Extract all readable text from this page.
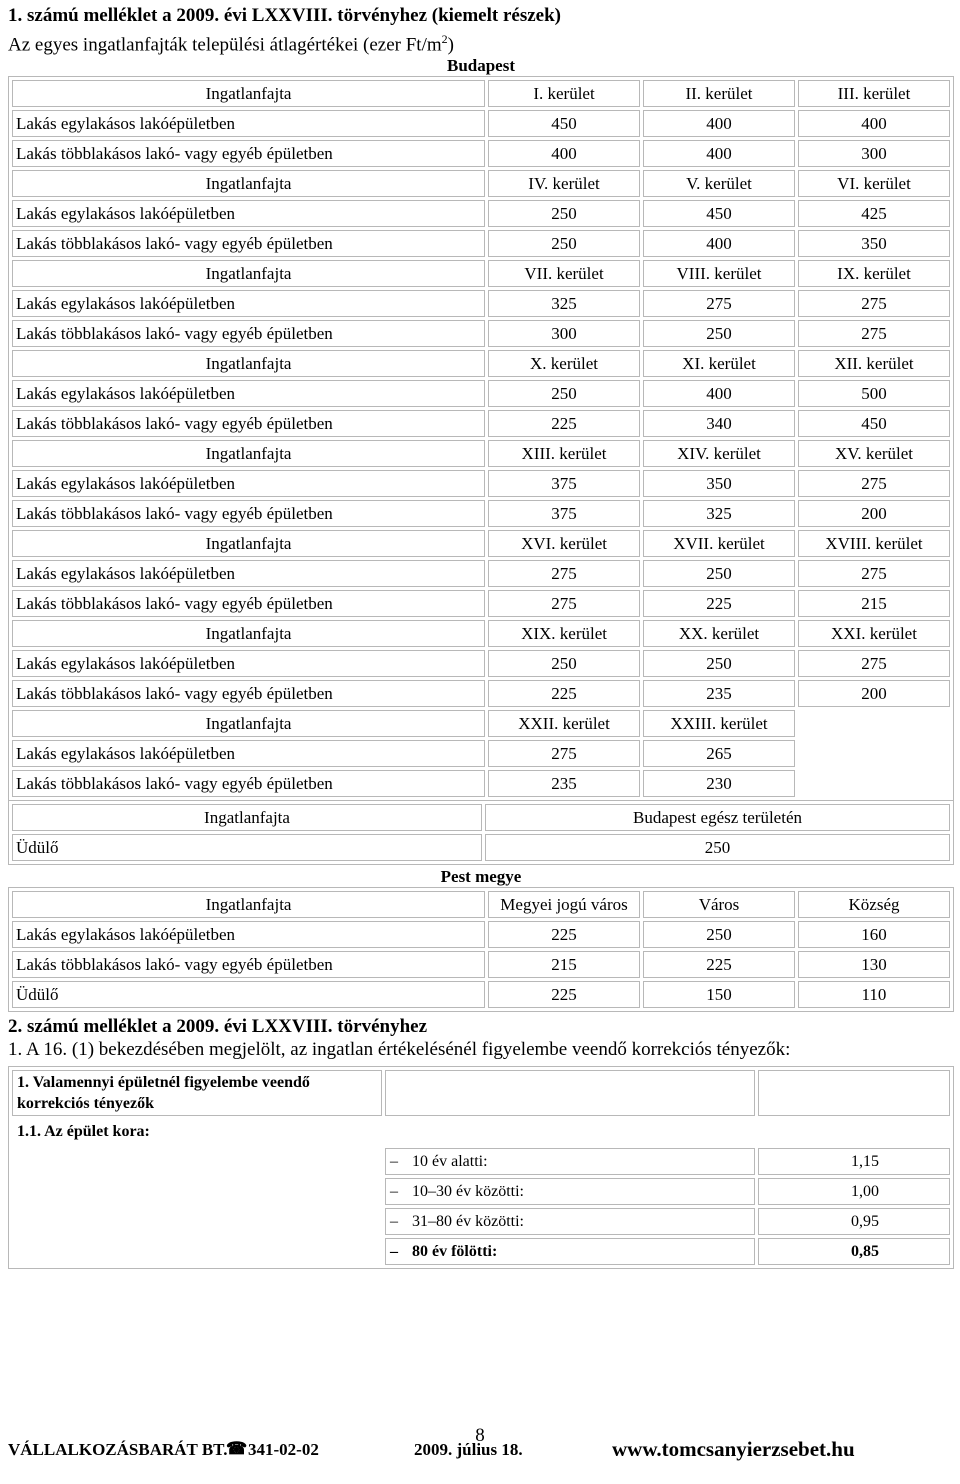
1. számú melléklet a 2009. évi LXXVIII. törvényhez (kiemelt részek)
Az egyes ingatlanfajták települési átlagértékei (ezer $Ft/m^2$)
Budapest
Ingatlanfajta	I. kerület	II. kerület	III. kerület
Lakás egylakásos lakóépületben	450	400	400
Lakás többlakásos lakó- vagy egyéb épületben	400	400	300
Ingatlanfajta	IV. kerület	V. kerület	VI. kerület
Lakás egylakásos lakóépületben	250	450	425
Lakás többlakásos lakó- vagy egyéb épületben	250	400	350
Ingatlanfajta	VII. kerület	VIII. kerület	IX. kerület
Lakás egylakásos lakóépületben	325	275	275
Lakás többlakásos lakó- vagy egyéb épületben	300	250	275
Ingatlanfajta	X. kerület	XI. kerület	XII. kerület
Lakás egylakásos lakóépületben	250	400	500
Lakás többlakásos lakó- vagy egyéb épületben	225	340	450
Ingatlanfajta	XIII. kerület	XIV. kerület	XV. kerület
Lakás egylakásos lakóépületben	375	350	275
Lakás többlakásos lakó- vagy egyéb épületben	375	325	200
Ingatlanfajta	XVI. kerület	XVII. kerület	XVIII. kerület
Lakás egylakásos lakóépületben	275	250	275
Lakás többlakásos lakó- vagy egyéb épületben	275	225	215
Ingatlanfajta	XIX. kerület	XX. kerület	XXI. kerület
Lakás egylakásos lakóépületben	250	250	275
Lakás többlakásos lakó- vagy egyéb épületben	225	235	200
Ingatlanfajta	XXII. kerület	XXIII. kerület	
Lakás egylakásos lakóépületben	275	265	
Lakás többlakásos lakó- vagy egyéb épületben	235	230	
Ingatlanfajta	Budapest egész területén
Üdülő	250
Pest megye
Ingatlanfajta	Megyei jogú város	Város	Község
Lakás egylakásos lakóépületben	225	250	160
Lakás többlakásos lakó- vagy egyéb épületben	215	225	130
Üdülő	225	150	110
2. számú melléklet a 2009. évi LXXVIII. törvényhez
1. A 16. (1) bekezdésében megjelölt, az ingatlan értékelésénél figyelembe veendő korrekciós tényezők:
1. Valamennyi épületnél figyelembe veendő korrekciós tényezők		
1.1. Az épület kora:		
	– 10 év alatti:	1,15
	– 10–30 év közötti:	1,00
	– 31–80 év közötti:	0,95
	– 80 év fölötti:	0,85
8
VÁLLALKOZÁSBARÁT BT.
☎ 341-02-02	2009. július 18.	www.tomcsanyierzsebet.hu
